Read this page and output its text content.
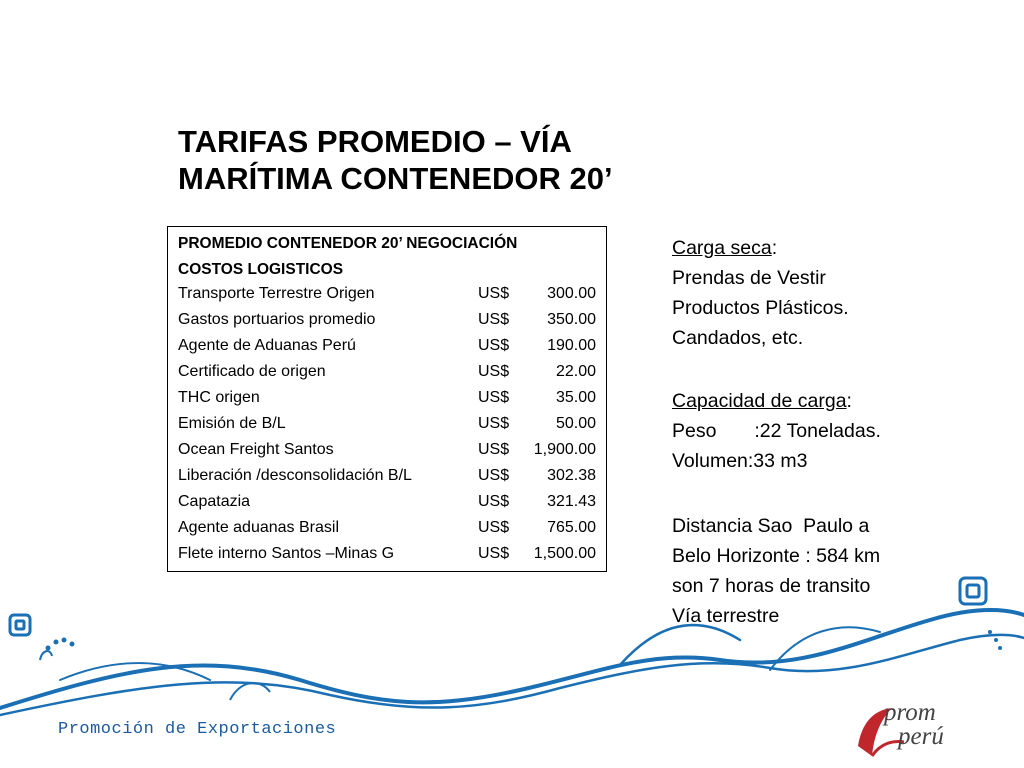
TARIFAS PROMEDIO – VÍA
MARÍTIMA CONTENEDOR 20’
PROMEDIO CONTENEDOR 20’ NEGOCIACIÓN
COSTOS LOGISTICOS
Transporte Terrestre Origen	US$ 300.00
Gastos portuarios promedio	US$ 350.00
Agente de Aduanas Perú	US$ 190.00
Certificado de origen	US$	22.00
THC origen	US$	35.00
Emisión de B/L	US$	50.00
Ocean Freight Santos	US$ 1,900.00
Liberación /desconsolidación B/L	US$ 302.38
Capatazia	US$ 321.43
Agente aduanas Brasil	US$ 765.00
Flete interno Santos –Minas G	US$ 1,500.00
Carga seca:
Prendas de Vestir
Productos Plásticos.
Candados, etc.
Capacidad de carga:
Peso       :22 Toneladas.
Volumen:33 m3
Distancia Sao  Paulo a
Belo Horizonte : 584 km
son 7 horas de transito
Vía terrestre
Promoción de Exportaciones
prom
perú
